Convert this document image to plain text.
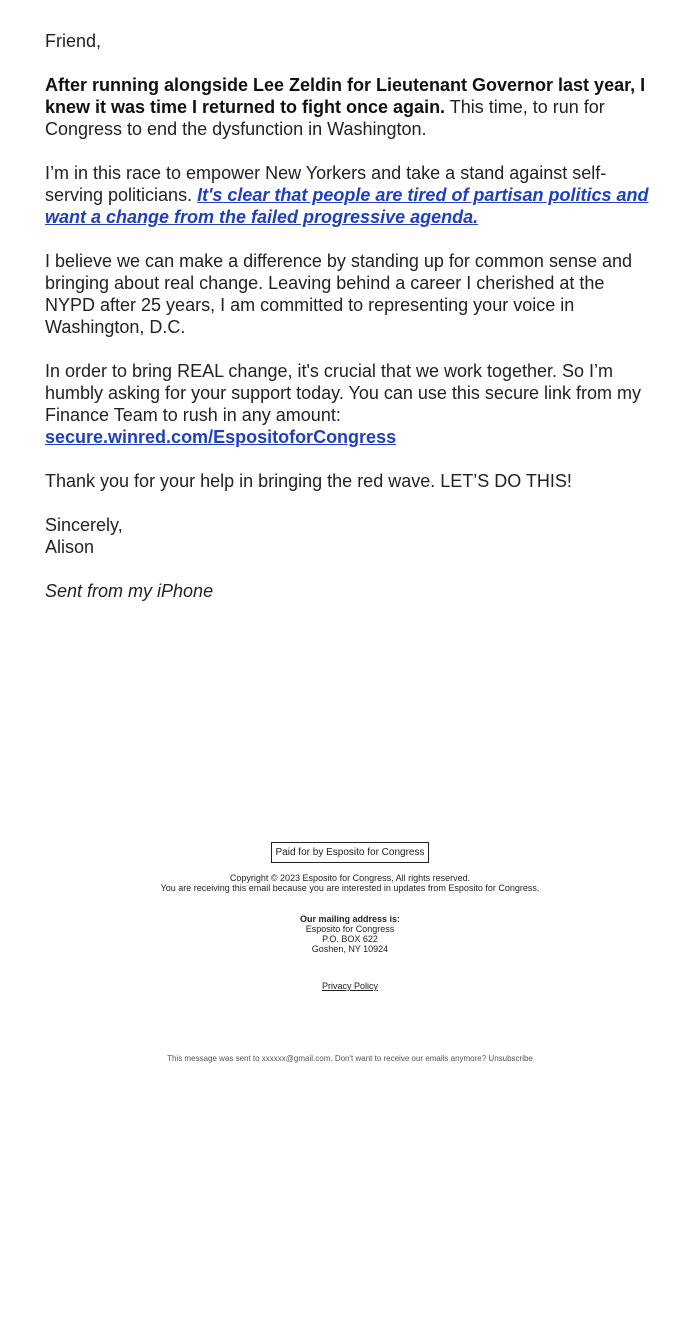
Friend,

After running alongside Lee Zeldin for Lieutenant Governor last year, I knew it was time I returned to fight once again. This time, to run for Congress to end the dysfunction in Washington.

I’m in this race to empower New Yorkers and take a stand against self-serving politicians. It's clear that people are tired of partisan politics and want a change from the failed progressive agenda.

I believe we can make a difference by standing up for common sense and bringing about real change. Leaving behind a career I cherished at the NYPD after 25 years, I am committed to representing your voice in Washington, D.C.

In order to bring REAL change, it's crucial that we work together. So I’m humbly asking for your support today. You can use this secure link from my Finance Team to rush in any amount:
secure.winred.com/EspositoforCongress

Thank you for your help in bringing the red wave. LET’S DO THIS!

Sincerely,

Alison

Sent from my iPhone

Paid for by Esposito for Congress
Copyright © 2023 Esposito for Congress, All rights reserved.
You are receiving this email because you are interested in updates from Esposito for Congress.
Our mailing address is:
Esposito for Congress
P.O. BOX 622
Goshen, NY 10924
Privacy Policy
This message was sent to xxxxxx@gmail.com. Don't want to receive our emails anymore? Unsubscribe
